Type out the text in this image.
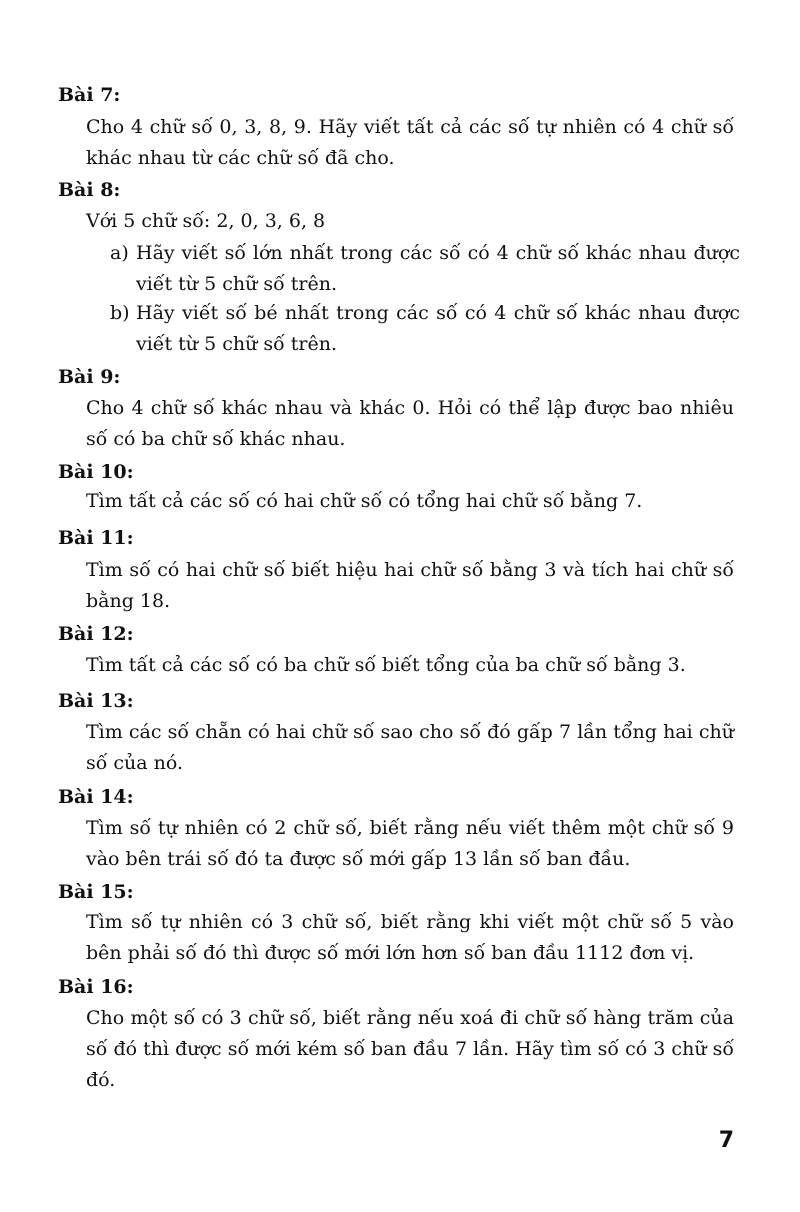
Bài 7:
Cho 4 chữ số 0, 3, 8, 9. Hãy viết tất cả các số tự nhiên có 4 chữ số khác nhau từ các chữ số đã cho.
Bài 8:
Với 5 chữ số: 2, 0, 3, 6, 8
a) Hãy viết số lớn nhất trong các số có 4 chữ số khác nhau được viết từ 5 chữ số trên.
b) Hãy viết số bé nhất trong các số có 4 chữ số khác nhau được viết từ 5 chữ số trên.
Bài 9:
Cho 4 chữ số khác nhau và khác 0. Hỏi có thể lập được bao nhiêu số có ba chữ số khác nhau.
Bài 10:
Tìm tất cả các số có hai chữ số có tổng hai chữ số bằng 7.
Bài 11:
Tìm số có hai chữ số biết hiệu hai chữ số bằng 3 và tích hai chữ số bằng 18.
Bài 12:
Tìm tất cả các số có ba chữ số biết tổng của ba chữ số bằng 3.
Bài 13:
Tìm các số chẵn có hai chữ số sao cho số đó gấp 7 lần tổng hai chữ số của nó.
Bài 14:
Tìm số tự nhiên có 2 chữ số, biết rằng nếu viết thêm một chữ số 9 vào bên trái số đó ta được số mới gấp 13 lần số ban đầu.
Bài 15:
Tìm số tự nhiên có 3 chữ số, biết rằng khi viết một chữ số 5 vào bên phải số đó thì được số mới lớn hơn số ban đầu 1112 đơn vị.
Bài 16:
Cho một số có 3 chữ số, biết rằng nếu xoá đi chữ số hàng trăm của số đó thì được số mới kém số ban đầu 7 lần. Hãy tìm số có 3 chữ số đó.
7
